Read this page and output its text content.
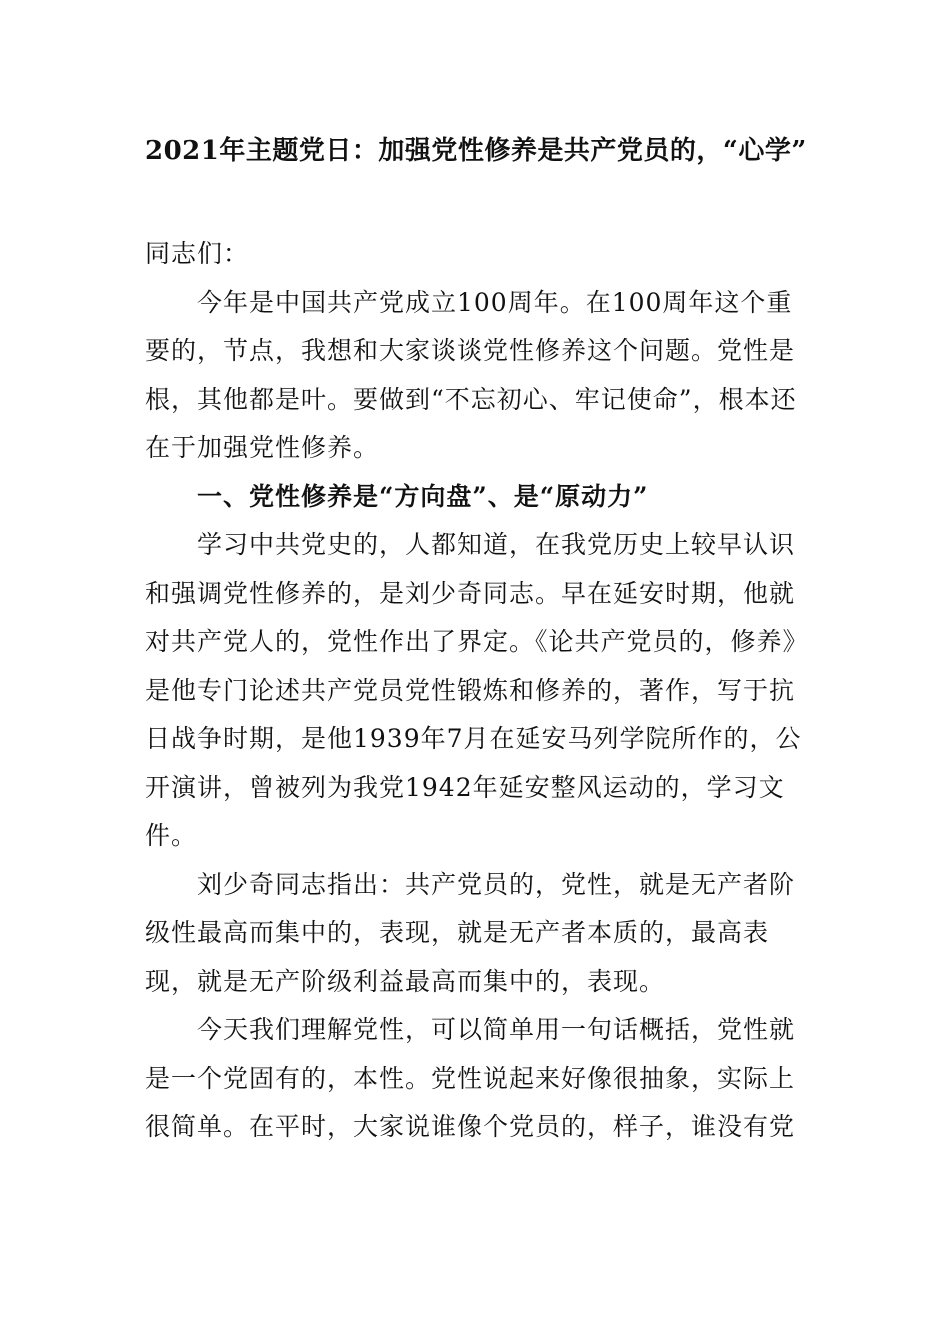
2021年主题党日：加强党性修养是共产党员的，“心学”

同志们：

今年是中国共产党成立100周年。在100周年这个重要的，节点，我想和大家谈谈党性修养这个问题。党性是根，其他都是叶。要做到“不忘初心、牢记使命”，根本还在于加强党性修养。

一、党性修养是“方向盘”、是“原动力”

学习中共党史的，人都知道，在我党历史上较早认识和强调党性修养的，是刘少奇同志。早在延安时期，他就对共产党人的，党性作出了界定。《论共产党员的，修养》是他专门论述共产党员党性锻炼和修养的，著作，写于抗日战争时期，是他1939年7月在延安马列学院所作的，公开演讲，曾被列为我党1942年延安整风运动的，学习文件。

刘少奇同志指出：共产党员的，党性，就是无产者阶级性最高而集中的，表现，就是无产者本质的，最高表现，就是无产阶级利益最高而集中的，表现。

今天我们理解党性，可以简单用一句话概括，党性就是一个党固有的，本性。党性说起来好像很抽象，实际上很简单。在平时，大家说谁像个党员的，样子，谁没有党
